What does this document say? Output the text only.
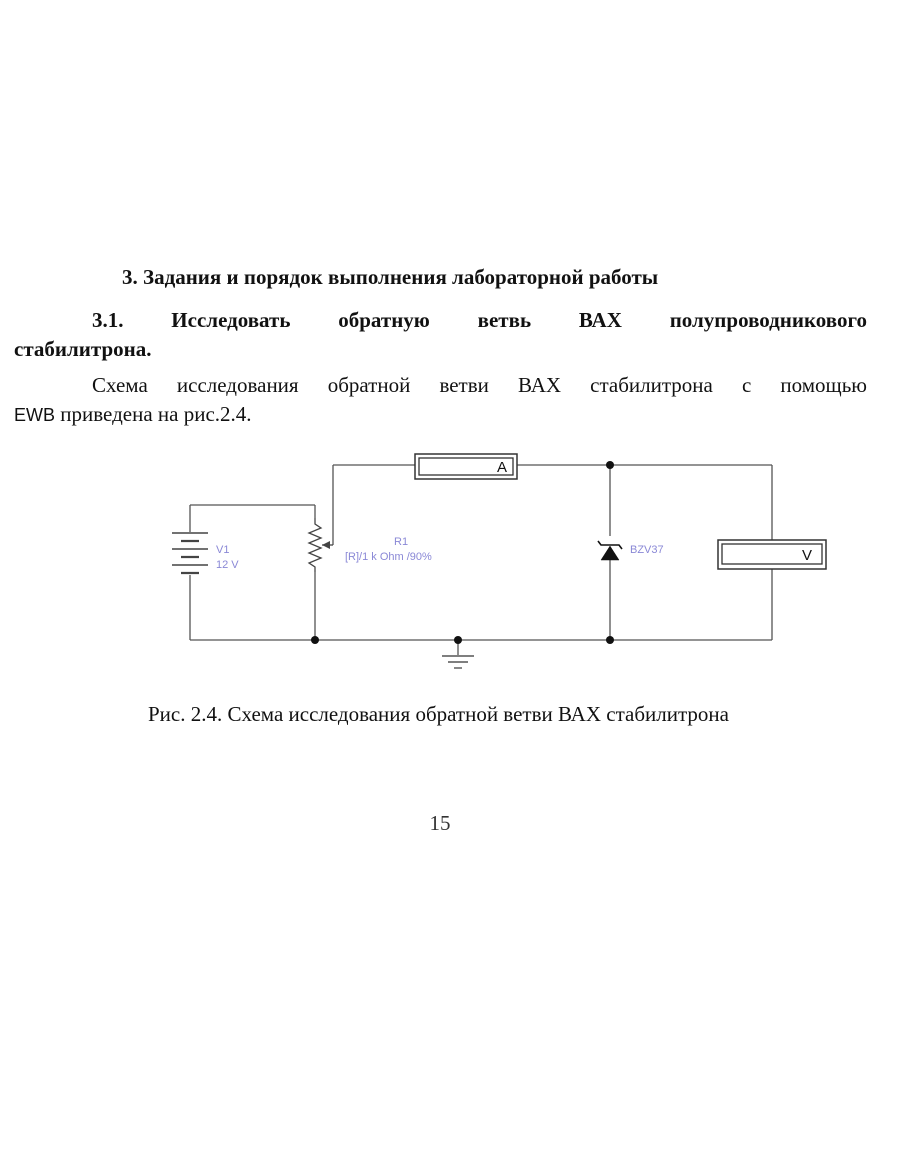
3. Задания и порядок выполнения лабораторной работы
3.1. Исследовать обратную ветвь ВАХ полупроводникового
стабилитрона.
Схема исследования обратной ветви ВАХ стабилитрона с помощью
EWB приведена на рис.2.4.
V1
12 V
R1
[R]/1 k Ohm /90%
A
BZV37	V
Рис. 2.4. Схема исследования обратной ветви ВАХ стабилитрона
15
